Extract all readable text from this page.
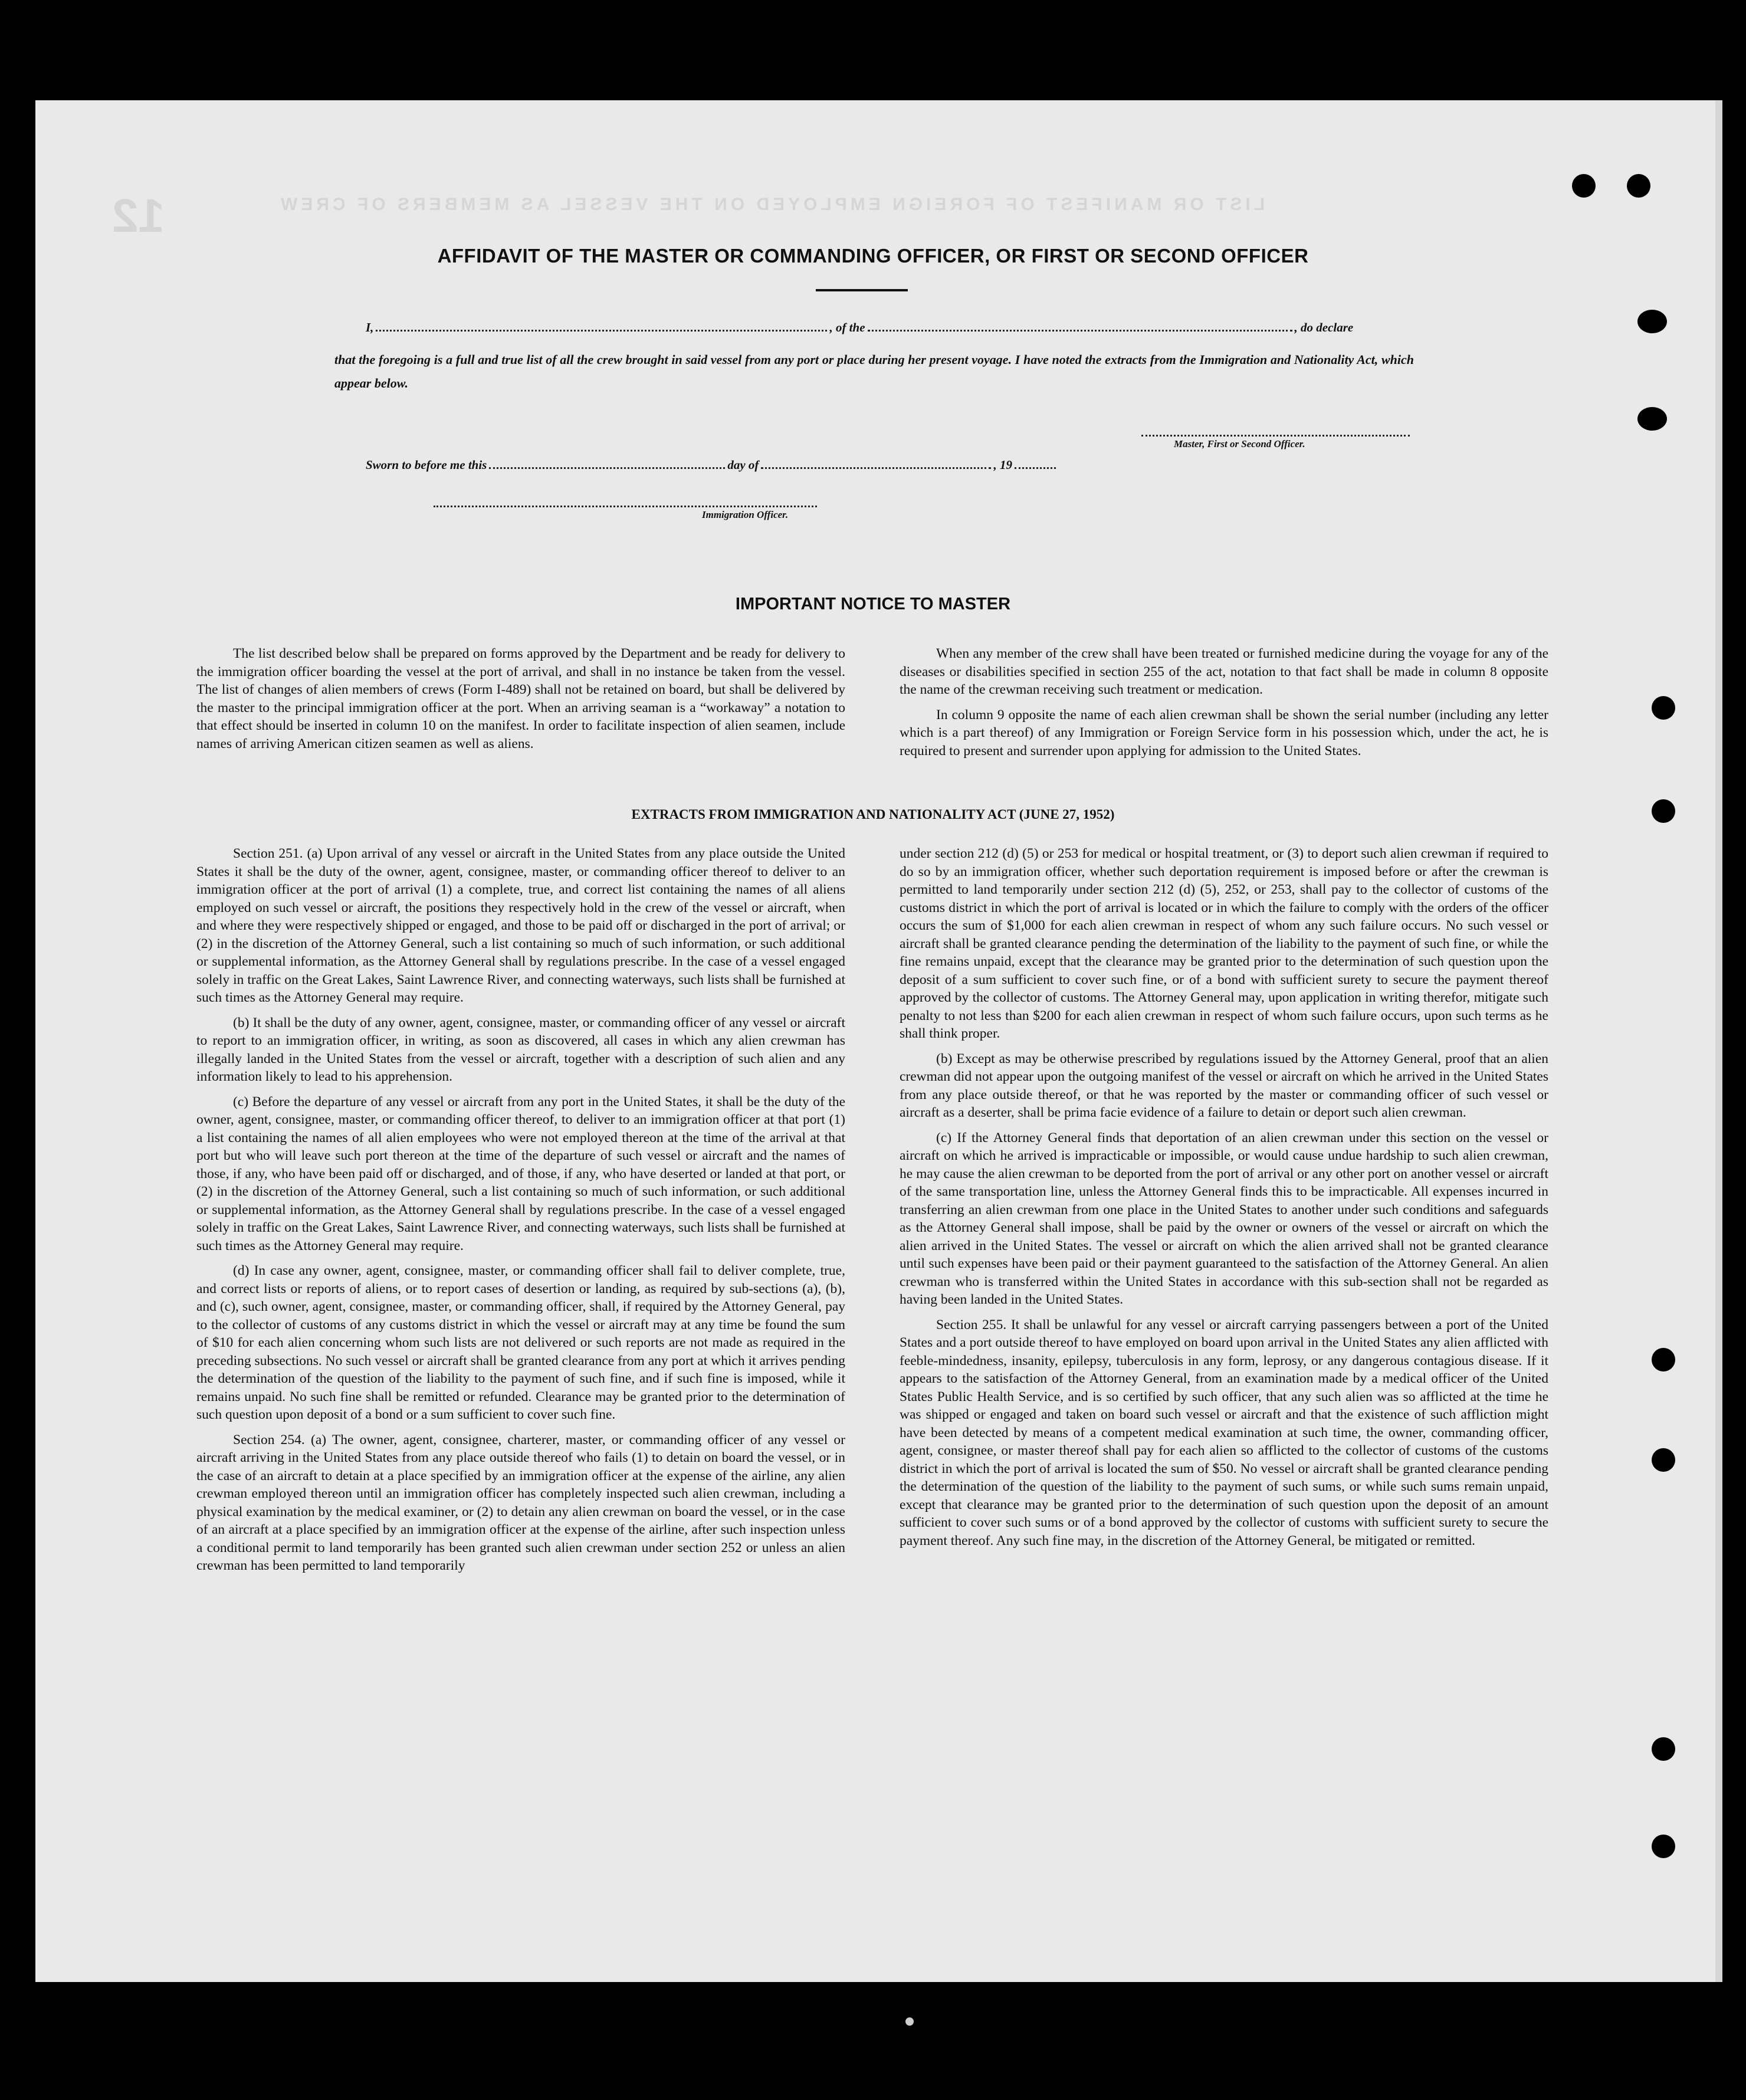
LIST OR MANIFEST OF FOREIGN EMPLOYED ON THE VESSEL AS MEMBERS OF CREW
12
AFFIDAVIT OF THE MASTER OR COMMANDING OFFICER, OR FIRST OR SECOND OFFICER
I,	, of the	, do declare
that the foregoing is a full and true list of all the crew brought in said vessel from any port or place during her present voyage. I have noted the extracts from the Immigration and Nationality Act, which appear below.
Master, First or Second Officer.
Sworn to before me this	day of	, 19
Immigration Officer.
IMPORTANT NOTICE TO MASTER

The list described below shall be prepared on forms approved by the Department and be ready for delivery to the immigration officer boarding the vessel at the port of arrival, and shall in no instance be taken from the vessel. The list of changes of alien members of crews (Form I-489) shall not be retained on board, but shall be delivered by the master to the principal immigration officer at the port. When an arriving seaman is a “workaway” a notation to that effect should be inserted in column 10 on the manifest. In order to facilitate inspection of alien seamen, include names of arriving American citizen seamen as well as aliens.

When any member of the crew shall have been treated or furnished medicine during the voyage for any of the diseases or disabilities specified in section 255 of the act, notation to that fact shall be made in column 8 opposite the name of the crewman receiving such treatment or medication.

In column 9 opposite the name of each alien crewman shall be shown the serial number (including any letter which is a part thereof) of any Immigration or Foreign Service form in his possession which, under the act, he is required to present and surrender upon applying for admission to the United States.

EXTRACTS FROM IMMIGRATION AND NATIONALITY ACT (JUNE 27, 1952)

Section 251. (a) Upon arrival of any vessel or aircraft in the United States from any place outside the United States it shall be the duty of the owner, agent, consignee, master, or commanding officer thereof to deliver to an immigration officer at the port of arrival (1) a complete, true, and correct list containing the names of all aliens employed on such vessel or aircraft, the positions they respectively hold in the crew of the vessel or aircraft, when and where they were respectively shipped or engaged, and those to be paid off or discharged in the port of arrival; or (2) in the discretion of the Attorney General, such a list containing so much of such information, or such additional or supplemental information, as the Attorney General shall by regulations prescribe. In the case of a vessel engaged solely in traffic on the Great Lakes, Saint Lawrence River, and connecting waterways, such lists shall be furnished at such times as the Attorney General may require.

(b) It shall be the duty of any owner, agent, consignee, master, or commanding officer of any vessel or aircraft to report to an immigration officer, in writing, as soon as discovered, all cases in which any alien crewman has illegally landed in the United States from the vessel or aircraft, together with a description of such alien and any information likely to lead to his apprehension.

(c) Before the departure of any vessel or aircraft from any port in the United States, it shall be the duty of the owner, agent, consignee, master, or commanding officer thereof, to deliver to an immigration officer at that port (1) a list containing the names of all alien employees who were not employed thereon at the time of the arrival at that port but who will leave such port thereon at the time of the departure of such vessel or aircraft and the names of those, if any, who have been paid off or discharged, and of those, if any, who have deserted or landed at that port, or (2) in the discretion of the Attorney General, such a list containing so much of such information, or such additional or supplemental information, as the Attorney General shall by regulations prescribe. In the case of a vessel engaged solely in traffic on the Great Lakes, Saint Lawrence River, and connecting waterways, such lists shall be furnished at such times as the Attorney General may require.

(d) In case any owner, agent, consignee, master, or commanding officer shall fail to deliver complete, true, and correct lists or reports of aliens, or to report cases of desertion or landing, as required by sub-sections (a), (b), and (c), such owner, agent, consignee, master, or commanding officer, shall, if required by the Attorney General, pay to the collector of customs of any customs district in which the vessel or aircraft may at any time be found the sum of $10 for each alien concerning whom such lists are not delivered or such reports are not made as required in the preceding subsections. No such vessel or aircraft shall be granted clearance from any port at which it arrives pending the determination of the question of the liability to the payment of such fine, and if such fine is imposed, while it remains unpaid. No such fine shall be remitted or refunded. Clearance may be granted prior to the determination of such question upon deposit of a bond or a sum sufficient to cover such fine.

Section 254. (a) The owner, agent, consignee, charterer, master, or commanding officer of any vessel or aircraft arriving in the United States from any place outside thereof who fails (1) to detain on board the vessel, or in the case of an aircraft to detain at a place specified by an immigration officer at the expense of the airline, any alien crewman employed thereon until an immigration officer has completely inspected such alien crewman, including a physical examination by the medical examiner, or (2) to detain any alien crewman on board the vessel, or in the case of an aircraft at a place specified by an immigration officer at the expense of the airline, after such inspection unless a conditional permit to land temporarily has been granted such alien crewman under section 252 or unless an alien crewman has been permitted to land temporarily

under section 212 (d) (5) or 253 for medical or hospital treatment, or (3) to deport such alien crewman if required to do so by an immigration officer, whether such deportation requirement is imposed before or after the crewman is permitted to land temporarily under section 212 (d) (5), 252, or 253, shall pay to the collector of customs of the customs district in which the port of arrival is located or in which the failure to comply with the orders of the officer occurs the sum of $1,000 for each alien crewman in respect of whom any such failure occurs. No such vessel or aircraft shall be granted clearance pending the determination of the liability to the payment of such fine, or while the fine remains unpaid, except that the clearance may be granted prior to the determination of such question upon the deposit of a sum sufficient to cover such fine, or of a bond with sufficient surety to secure the payment thereof approved by the collector of customs. The Attorney General may, upon application in writing therefor, mitigate such penalty to not less than $200 for each alien crewman in respect of whom such failure occurs, upon such terms as he shall think proper.

(b) Except as may be otherwise prescribed by regulations issued by the Attorney General, proof that an alien crewman did not appear upon the outgoing manifest of the vessel or aircraft on which he arrived in the United States from any place outside thereof, or that he was reported by the master or commanding officer of such vessel or aircraft as a deserter, shall be prima facie evidence of a failure to detain or deport such alien crewman.

(c) If the Attorney General finds that deportation of an alien crewman under this section on the vessel or aircraft on which he arrived is impracticable or impossible, or would cause undue hardship to such alien crewman, he may cause the alien crewman to be deported from the port of arrival or any other port on another vessel or aircraft of the same transportation line, unless the Attorney General finds this to be impracticable. All expenses incurred in transferring an alien crewman from one place in the United States to another under such conditions and safeguards as the Attorney General shall impose, shall be paid by the owner or owners of the vessel or aircraft on which the alien arrived in the United States. The vessel or aircraft on which the alien arrived shall not be granted clearance until such expenses have been paid or their payment guaranteed to the satisfaction of the Attorney General. An alien crewman who is transferred within the United States in accordance with this sub-section shall not be regarded as having been landed in the United States.

Section 255. It shall be unlawful for any vessel or aircraft carrying passengers between a port of the United States and a port outside thereof to have employed on board upon arrival in the United States any alien afflicted with feeble-mindedness, insanity, epilepsy, tuberculosis in any form, leprosy, or any dangerous contagious disease. If it appears to the satisfaction of the Attorney General, from an examination made by a medical officer of the United States Public Health Service, and is so certified by such officer, that any such alien was so afflicted at the time he was shipped or engaged and taken on board such vessel or aircraft and that the existence of such affliction might have been detected by means of a competent medical examination at such time, the owner, commanding officer, agent, consignee, or master thereof shall pay for each alien so afflicted to the collector of customs of the customs district in which the port of arrival is located the sum of $50. No vessel or aircraft shall be granted clearance pending the determination of the question of the liability to the payment of such sums, or while such sums remain unpaid, except that clearance may be granted prior to the determination of such question upon the deposit of an amount sufficient to cover such sums or of a bond approved by the collector of customs with sufficient surety to secure the payment thereof. Any such fine may, in the discretion of the Attorney General, be mitigated or remitted.
